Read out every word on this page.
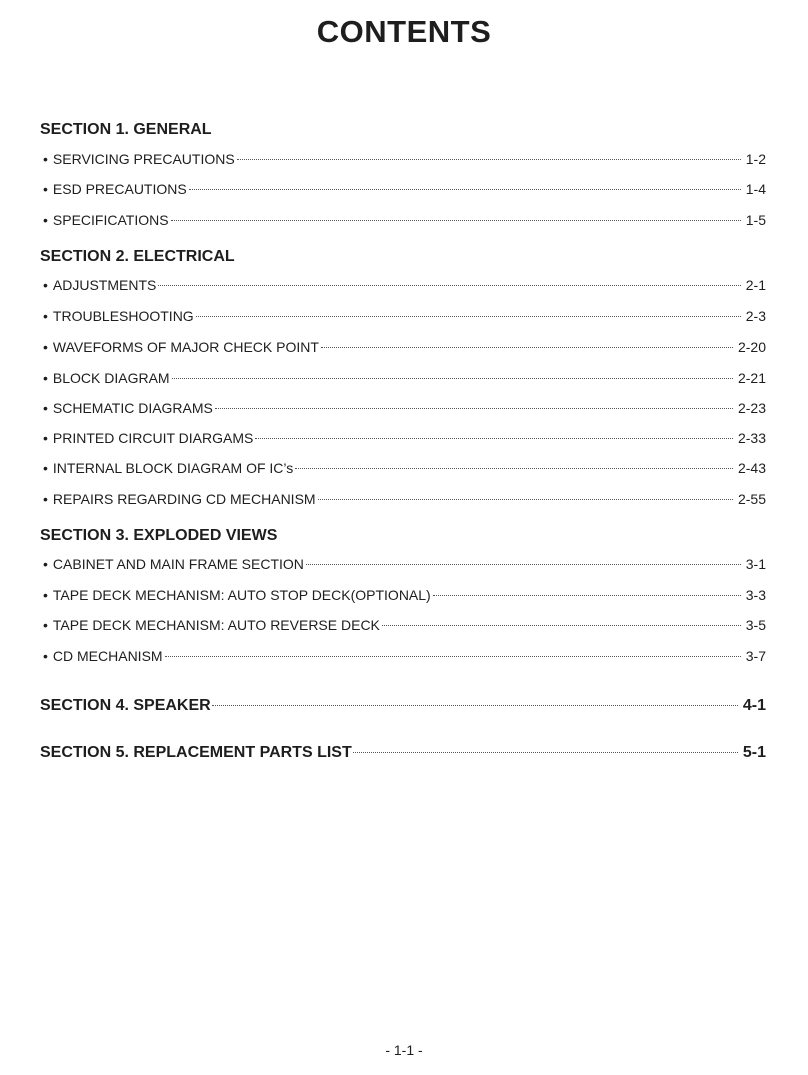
CONTENTS
SECTION 1. GENERAL
• SERVICING PRECAUTIONS	1-2
• ESD PRECAUTIONS	1-4
• SPECIFICATIONS	1-5
SECTION 2. ELECTRICAL
• ADJUSTMENTS	2-1
• TROUBLESHOOTING	2-3
• WAVEFORMS OF MAJOR CHECK POINT	2-20
• BLOCK DIAGRAM	2-21
• SCHEMATIC DIAGRAMS	2-23
• PRINTED CIRCUIT DIARGAMS	2-33
• INTERNAL BLOCK DIAGRAM OF IC’s	2-43
• REPAIRS REGARDING CD MECHANISM	2-55
SECTION 3. EXPLODED VIEWS
• CABINET AND MAIN FRAME SECTION	3-1
• TAPE DECK MECHANISM: AUTO STOP DECK(OPTIONAL)	3-3
• TAPE DECK MECHANISM: AUTO REVERSE DECK	3-5
• CD MECHANISM	3-7
SECTION 4. SPEAKER	4-1
SECTION 5. REPLACEMENT PARTS LIST	5-1
- 1-1 -
